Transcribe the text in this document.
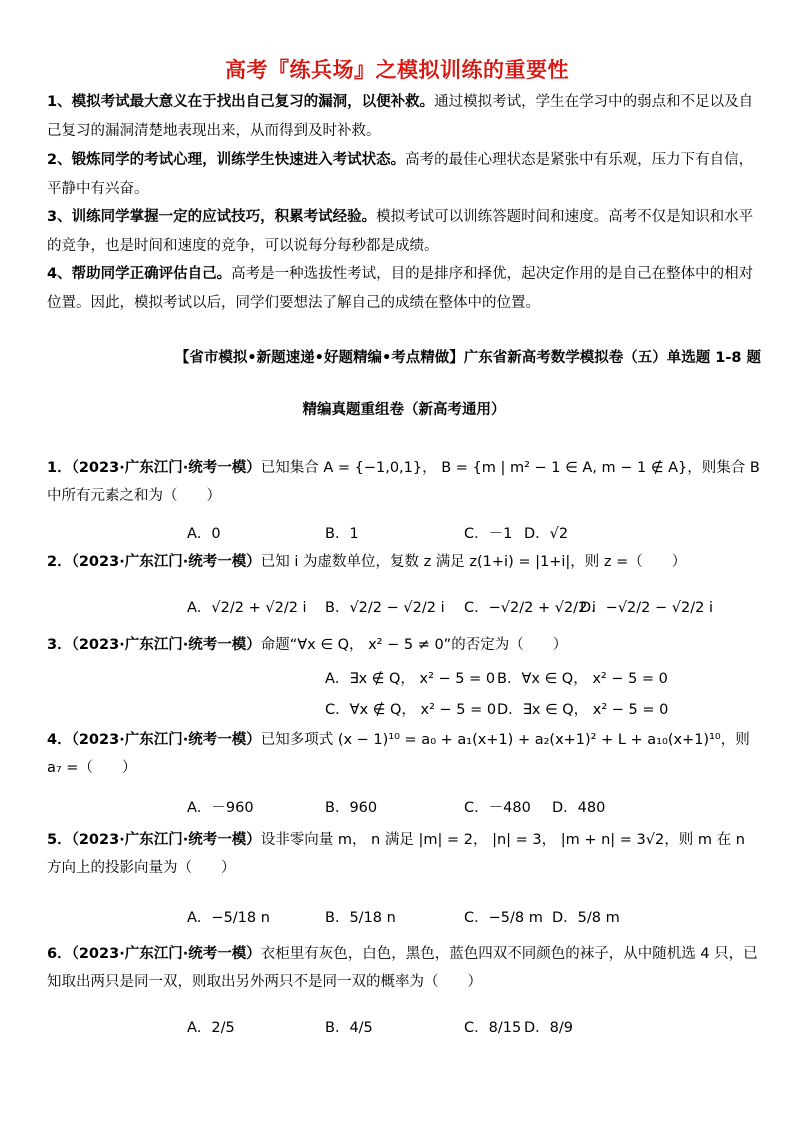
高考『练兵场』之模拟训练的重要性
1、模拟考试最大意义在于找出自己复习的漏洞，以便补救。通过模拟考试，学生在学习中的弱点和不足以及自己复习的漏洞清楚地表现出来，从而得到及时补救。
2、锻炼同学的考试心理，训练学生快速进入考试状态。高考的最佳心理状态是紧张中有乐观，压力下有自信，平静中有兴奋。
3、训练同学掌握一定的应试技巧，积累考试经验。模拟考试可以训练答题时间和速度。高考不仅是知识和水平的竞争，也是时间和速度的竞争，可以说每分每秒都是成绩。
4、帮助同学正确评估自己。高考是一种选拔性考试，目的是排序和择优，起决定作用的是自己在整体中的相对位置。因此，模拟考试以后，同学们要想法了解自己的成绩在整体中的位置。
【省市模拟•新题速递•好题精编•考点精做】广东省新高考数学模拟卷（五）单选题 1-8 题
精编真题重组卷（新高考通用）
1．（2023·广东江门·统考一模）已知集合 A = {−1,0,1}， B = {m | m² − 1 ∈ A, m − 1 ∉ A}，则集合 B 中所有元素之和为（　　）
A．0	B．1	C．－1 D．√2
2．（2023·广东江门·统考一模）已知 i 为虚数单位，复数 z 满足 z(1+i) = |1+i|，则 z =（　　）
A．√2/2 + √2/2 i B．√2/2 − √2/2 i C．−√2/2 + √2/2 i
D．−√2/2 − √2/2 i
3．（2023·广东江门·统考一模）命题“∀x ∈ Q， x² − 5 ≠ 0”的否定为（　　）
A．∃x ∉ Q， x² − 5 = 0 B．∀x ∈ Q， x² − 5 = 0
C．∀x ∉ Q， x² − 5 = 0 D．∃x ∈ Q， x² − 5 = 0
4．（2023·广东江门·统考一模）已知多项式 (x − 1)¹⁰ = a₀ + a₁(x+1) + a₂(x+1)² + L + a₁₀(x+1)¹⁰，则 a₇ =（　　）
A．－960	B．960	C．－480 D．480
5．（2023·广东江门·统考一模）设非零向量 m， n 满足 |m| = 2， |n| = 3， |m + n| = 3√2，则 m 在 n 方向上的投影向量为（　　）
A．−5/18 n	B．5/18 n	C．−5/8 m D．5/8 m
6．（2023·广东江门·统考一模）衣柜里有灰色，白色，黑色，蓝色四双不同颜色的袜子，从中随机选 4 只，已知取出两只是同一双，则取出另外两只不是同一双的概率为（　　）
A．2/5	B．4/5	C．8/15 D．8/9
